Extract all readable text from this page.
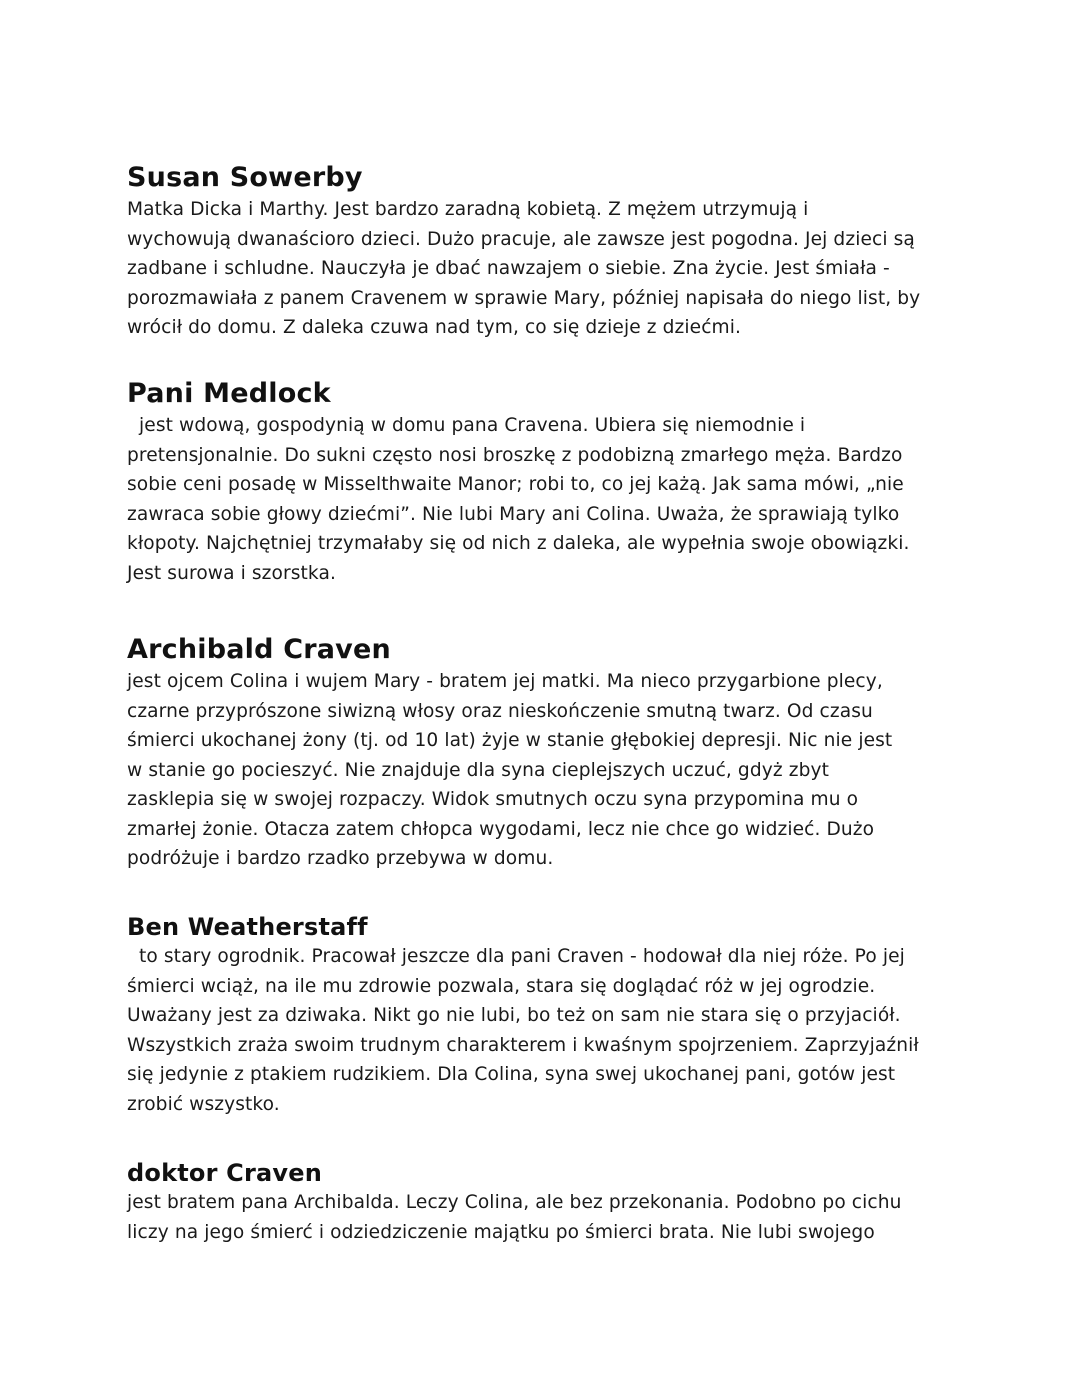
Susan Sowerby
Matka Dicka i Marthy. Jest bardzo zaradną kobietą. Z mężem utrzymują i
wychowują dwanaścioro dzieci. Dużo pracuje, ale zawsze jest pogodna. Jej dzieci są
zadbane i schludne. Nauczyła je dbać nawzajem o siebie. Zna życie. Jest śmiała -
porozmawiała z panem Cravenem w sprawie Mary, później napisała do niego list, by
wrócił do domu. Z daleka czuwa nad tym, co się dzieje z dziećmi.
Pani Medlock
jest wdową, gospodynią w domu pana Cravena. Ubiera się niemodnie i
pretensjonalnie. Do sukni często nosi broszkę z podobizną zmarłego męża. Bardzo
sobie ceni posadę w Misselthwaite Manor; robi to, co jej każą. Jak sama mówi, „nie
zawraca sobie głowy dziećmi”. Nie lubi Mary ani Colina. Uważa, że sprawiają tylko
kłopoty. Najchętniej trzymałaby się od nich z daleka, ale wypełnia swoje obowiązki.
Jest surowa i szorstka.
Archibald Craven
jest ojcem Colina i wujem Mary - bratem jej matki. Ma nieco przygarbione plecy,
czarne przyprószone siwizną włosy oraz nieskończenie smutną twarz. Od czasu
śmierci ukochanej żony (tj. od 10 lat) żyje w stanie głębokiej depresji. Nic nie jest
w stanie go pocieszyć. Nie znajduje dla syna cieplejszych uczuć, gdyż zbyt
zasklepia się w swojej rozpaczy. Widok smutnych oczu syna przypomina mu o
zmarłej żonie. Otacza zatem chłopca wygodami, lecz nie chce go widzieć. Dużo
podróżuje i bardzo rzadko przebywa w domu.
Ben Weatherstaff
to stary ogrodnik. Pracował jeszcze dla pani Craven - hodował dla niej róże. Po jej
śmierci wciąż, na ile mu zdrowie pozwala, stara się doglądać róż w jej ogrodzie.
Uważany jest za dziwaka. Nikt go nie lubi, bo też on sam nie stara się o przyjaciół.
Wszystkich zraża swoim trudnym charakterem i kwaśnym spojrzeniem. Zaprzyjaźnił
się jedynie z ptakiem rudzikiem. Dla Colina, syna swej ukochanej pani, gotów jest
zrobić wszystko.
doktor Craven
jest bratem pana Archibalda. Leczy Colina, ale bez przekonania. Podobno po cichu
liczy na jego śmierć i odziedziczenie majątku po śmierci brata. Nie lubi swojego
